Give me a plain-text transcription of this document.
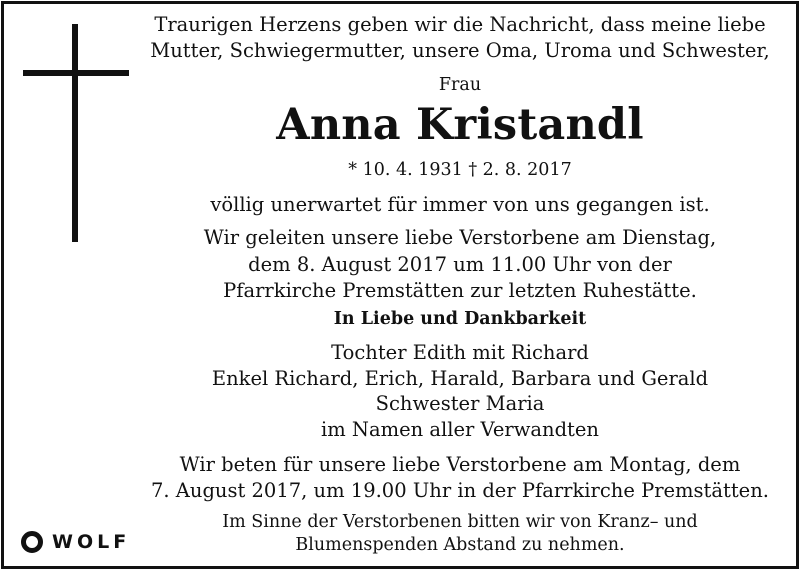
Traurigen Herzens geben wir die Nachricht, dass meine liebe
Mutter, Schwiegermutter, unsere Oma, Uroma und Schwester,
Frau
Anna Kristandl
* 10. 4. 1931 † 2. 8. 2017
völlig unerwartet für immer von uns gegangen ist.
Wir geleiten unsere liebe Verstorbene am Dienstag,
dem 8. August 2017 um 11.00 Uhr von der
Pfarrkirche Premstätten zur letzten Ruhestätte.
In Liebe und Dankbarkeit
Tochter Edith mit Richard
Enkel Richard, Erich, Harald, Barbara und Gerald
Schwester Maria
im Namen aller Verwandten
Wir beten für unsere liebe Verstorbene am Montag, dem
7. August 2017, um 19.00 Uhr in der Pfarrkirche Premstätten.
Im Sinne der Verstorbenen bitten wir von Kranz– und
Blumenspenden Abstand zu nehmen.
WOLF
